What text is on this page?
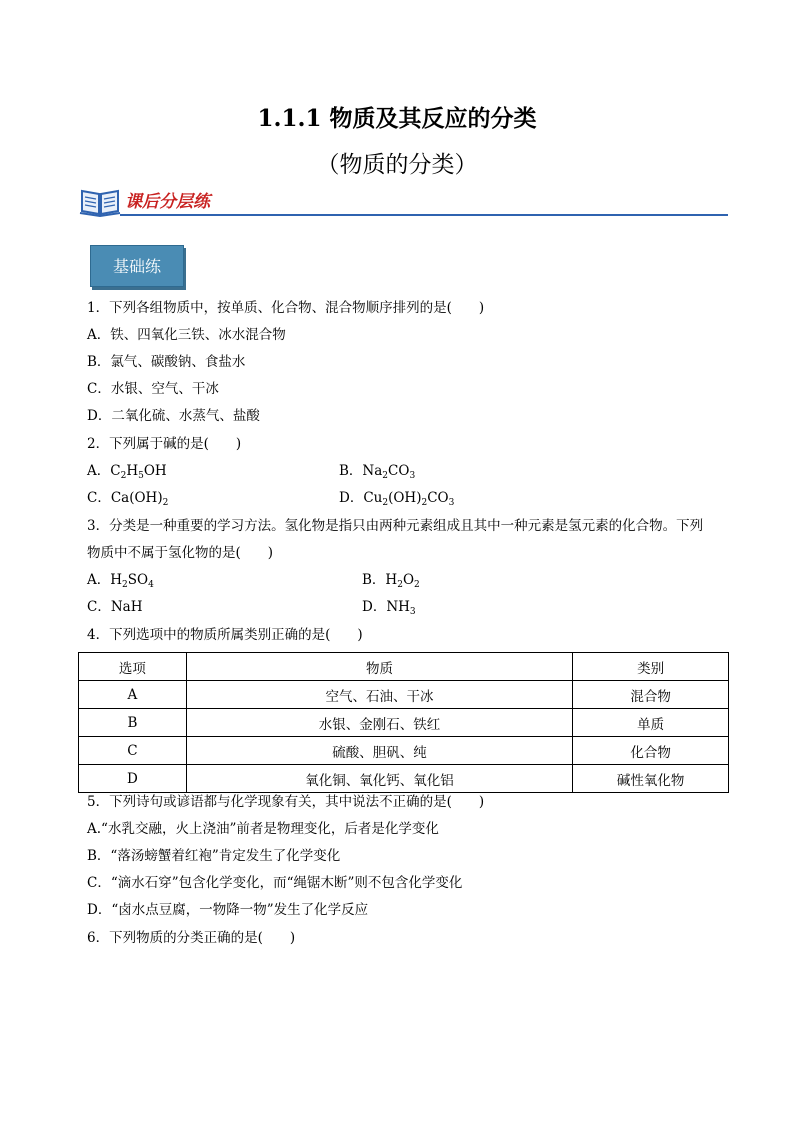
1.1.1 物质及其反应的分类
（物质的分类）
课后分层练
基础练
1．下列各组物质中，按单质、化合物、混合物顺序排列的是(　　)
A．铁、四氧化三铁、冰水混合物
B．氯气、碳酸钠、食盐水
C．水银、空气、干冰
D．二氧化硫、水蒸气、盐酸
2．下列属于碱的是(　　)
A．$C_2H_5OH$	B．$Na_2CO_3$
C．$Ca(OH)_2$	D．$Cu_2(OH)_2CO_3$
3．分类是一种重要的学习方法。氢化物是指只由两种元素组成且其中一种元素是氢元素的化合物。下列
物质中不属于氢化物的是(　　)
A．$H_2SO_4$	B．$H_2O_2$
C．NaH	D．$NH_3$
4．下列选项中的物质所属类别正确的是(　　)
选项	物质	类别
A	空气、石油、干冰	混合物
B	水银、金刚石、铁红	单质
C	硫酸、胆矾、纯	化合物
D	氧化铜、氧化钙、氧化铝	碱性氧化物
5．下列诗句或谚语都与化学现象有关，其中说法不正确的是(　　)
A.“水乳交融，火上浇油”前者是物理变化，后者是化学变化
B．“落汤螃蟹着红袍”肯定发生了化学变化
C．“滴水石穿”包含化学变化，而“绳锯木断”则不包含化学变化
D．“卤水点豆腐，一物降一物”发生了化学反应
6．下列物质的分类正确的是(　　)
